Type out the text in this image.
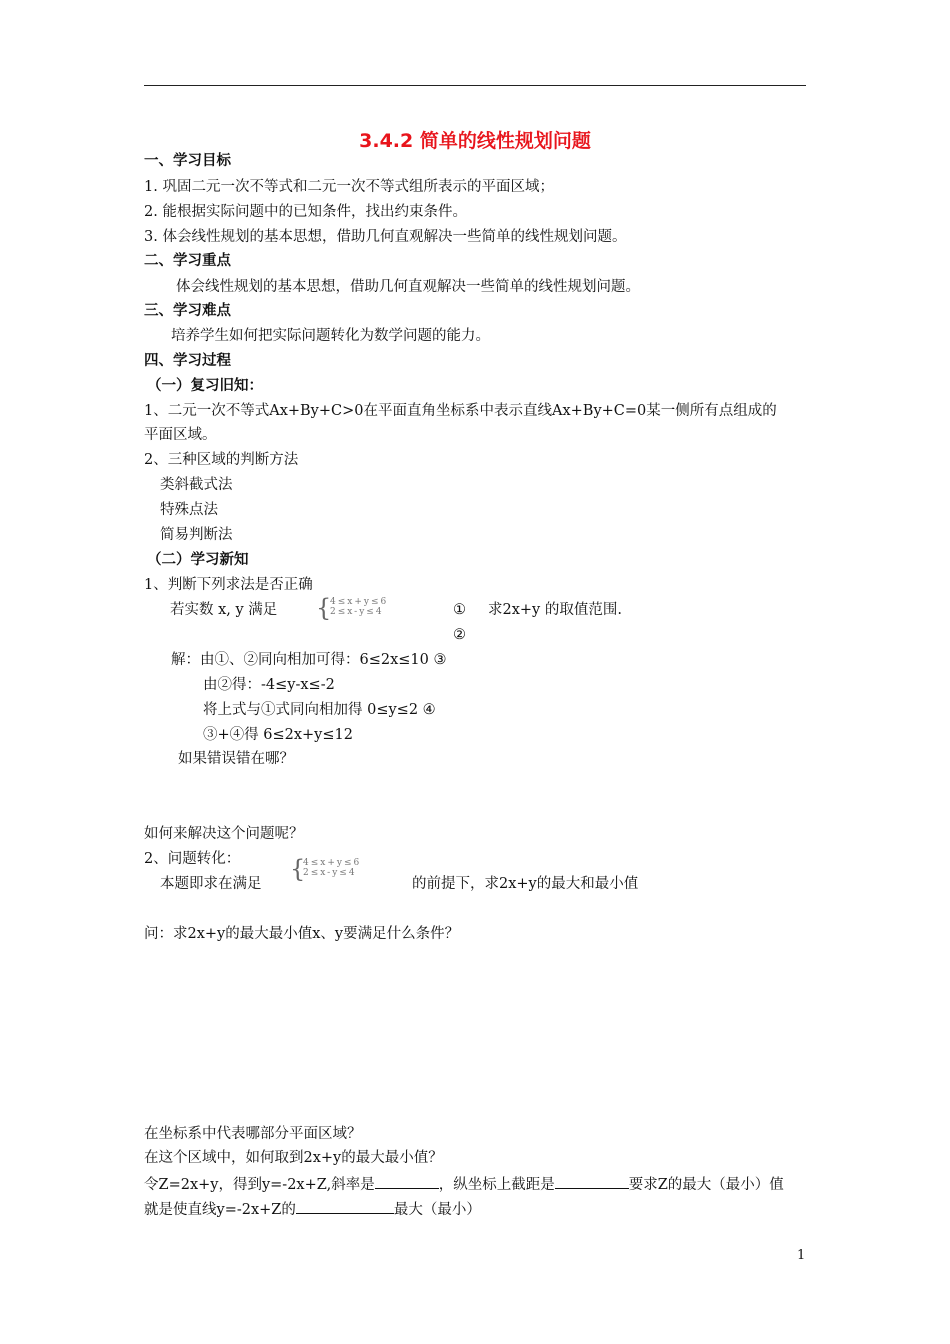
3.4.2 简单的线性规划问题
一、学习目标
1. 巩固二元一次不等式和二元一次不等式组所表示的平面区域；
2. 能根据实际问题中的已知条件，找出约束条件。
3. 体会线性规划的基本思想，借助几何直观解决一些简单的线性规划问题。
二、学习重点
体会线性规划的基本思想，借助几何直观解决一些简单的线性规划问题。
三、学习难点
培养学生如何把实际问题转化为数学问题的能力。
四、学习过程
（一）复习旧知：
1、二元一次不等式Ax+By+C>0在平面直角坐标系中表示直线Ax+By+C=0某一侧所有点组成的
平面区域。
2、三种区域的判断方法
类斜截式法
特殊点法
简易判断法
（二）学习新知
1、判断下列求法是否正确
若实数 x, y 满足 {
4≤x+y≤6
2≤x-y≤4	① 求2x+y 的取值范围.
②
解：由①、②同向相加可得：6≤2x≤10 ③
由②得：-4≤y-x≤-2
将上式与①式同向相加得 0≤y≤2 ④
③+④得 6≤2x+y≤12
如果错误错在哪？
如何来解决这个问题呢？
2、问题转化： {
4≤x+y≤6
2≤x-y≤4
本题即求在满足	的前提下，求2x+y的最大和最小值
问：求2x+y的最大最小值x、y要满足什么条件？
在坐标系中代表哪部分平面区域？
在这个区域中，如何取到2x+y的最大最小值？
令Z=2x+y，得到y=-2x+Z,斜率是	，纵坐标上截距是	要求Z的最大（最小）值
就是使直线y=-2x+Z的	最大（最小）
1
